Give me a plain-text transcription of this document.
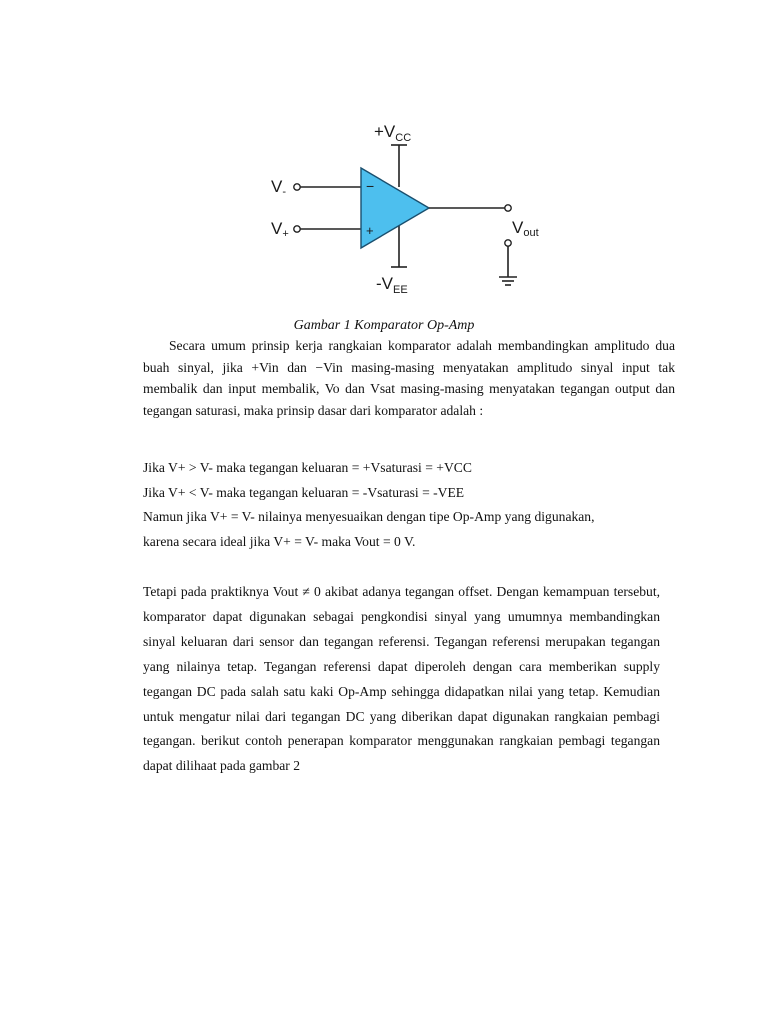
−
+
$+V_{CC}$
$-V_{EE}$
V-
V+	Vout
Gambar 1 Komparator Op-Amp

Secara umum prinsip kerja rangkaian komparator adalah membandingkan amplitudo dua buah sinyal, jika +Vin dan −Vin masing-masing menyatakan amplitudo sinyal input tak membalik dan input membalik, Vo dan Vsat masing-masing menyatakan tegangan output dan tegangan saturasi, maka prinsip dasar dari komparator adalah :

Jika V+ > V- maka tegangan keluaran = +Vsaturasi = +VCC
Jika V+ < V- maka tegangan keluaran = -Vsaturasi = -VEE
Namun jika V+ = V- nilainya menyesuaikan dengan tipe Op-Amp yang digunakan,
karena secara ideal jika V+ = V- maka Vout = 0 V.

Tetapi pada praktiknya Vout ≠ 0 akibat adanya tegangan offset. Dengan kemampuan tersebut, komparator dapat digunakan sebagai pengkondisi sinyal yang umumnya membandingkan sinyal keluaran dari sensor dan tegangan referensi. Tegangan referensi merupakan tegangan yang nilainya tetap. Tegangan referensi dapat diperoleh dengan cara memberikan supply tegangan DC pada salah satu kaki Op-Amp sehingga didapatkan nilai yang tetap. Kemudian untuk mengatur nilai dari tegangan DC yang diberikan dapat digunakan rangkaian pembagi tegangan. berikut contoh penerapan komparator menggunakan rangkaian pembagi tegangan dapat dilihaat pada gambar 2
